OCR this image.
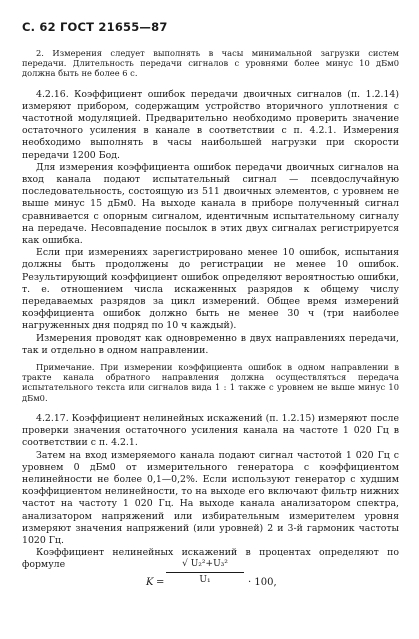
С. 62 ГОСТ 21655—87
2. Измерения следует выполнять в часы минимальной загрузки систем передачи. Длительность передачи сигналов с уровнями более минус 10 дБм0 должна быть не более 6 с.

4.2.16. Коэффициент ошибок передачи двоичных сигналов (п. 1.2.14) измеряют прибором, содержащим устройство вторичного уплотнения с частотной модуляцией. Предварительно необходимо проверить значение остаточного усиления в канале в соответствии с п. 4.2.1. Измерения необходимо выполнять в часы наибольшей нагрузки при скорости передачи 1200 Бод.

Для измерения коэффициента ошибок передачи двоичных сигналов на вход канала подают испытательный сигнал — псевдослучайную последовательность, состоящую из 511 двоичных элементов, с уровнем не выше минус 15 дБм0. На выходе канала в приборе полученный сигнал сравнивается с опорным сигналом, идентичным испытательному сигналу на передаче. Несовпадение посылок в этих двух сигналах регистрируется как ошибка.

Если при измерениях зарегистрировано менее 10 ошибок, испытания должны быть продолжены до регистрации не менее 10 ошибок. Результирующий коэффициент ошибок определяют вероятностью ошибки, т. е. отношением числа искаженных разрядов к общему числу передаваемых разрядов за цикл измерений. Общее время измерений коэффициента ошибок должно быть не менее 30 ч (три наиболее нагруженных дня подряд по 10 ч каждый).

Измерения проводят как одновременно в двух направлениях передачи, так и отдельно в одном направлении.

Примечание. При измерении коэффициента ошибок в одном направлении в тракте канала обратного направления должна осуществляться передача испытательного текста или сигналов вида 1 : 1 также с уровнем не выше минус 10 дБм0.

4.2.17. Коэффициент нелинейных искажений (п. 1.2.15) измеряют после проверки значения остаточного усиления канала на частоте 1 020 Гц в соответствии с п. 4.2.1.

Затем на вход измеряемого канала подают сигнал частотой 1 020 Гц с уровнем 0 дБм0 от измерительного генератора с коэффициентом нелинейности не более 0,1—0,2%. Если используют генератор с худшим коэффициентом нелинейности, то на выходе его включают фильтр нижних частот на частоту 1 020 Гц. На выходе канала анализатором спектра, анализатором напряжений или избирательным измерителем уровня измеряют значения напряжений (или уровней) 2 и 3-й гармоник частоты 1020 Гц.

Коэффициент нелинейных искажений в процентах определяют по формуле

K =
√ U₂²+U₃²
U₁	· 100,
